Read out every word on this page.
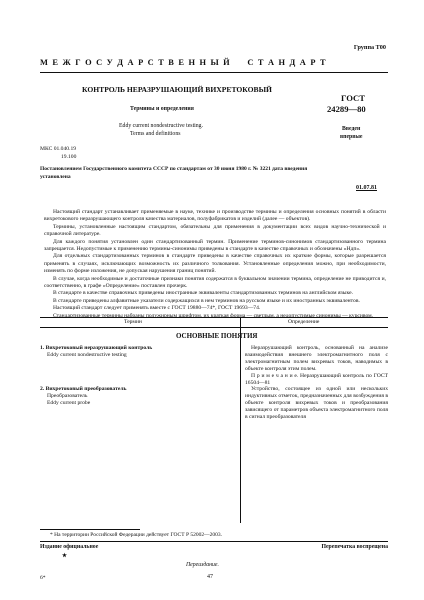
Группа Т00
М Е Ж Г О С У Д А Р С Т В Е Н Н Ы Й     С Т А Н Д А Р Т
КОНТРОЛЬ НЕРАЗРУШАЮЩИЙ ВИХРЕТОКОВЫЙ
Термины и определения
Eddy current nondestructive testing.
Terms and definitions
ГОСТ
24289—80
Введен
впервые
МКС 01.040.19
19.100
Постановлением Государственного комитета СССР по стандартам от 30 июня 1980 г. № 3221 дата введения
установлена
01.07.81

Настоящий стандарт устанавливает применяемые в науке, технике и производстве термины и определения основных понятий в области вихретокового неразрушающего контроля качества материалов, полуфабрикатов и изделий (далее — объектов).

Термины, установленные настоящим стандартом, обязательны для применения в документации всех видов научно-технической и справочной литературе.

Для каждого понятия установлен один стандартизованный термин. Применение терминов-синонимов стандартизованного термина запрещается. Недопустимые к применению термины-синонимы приведены в стандарте в качестве справочных и обозначены «Ндп».

Для отдельных стандартизованных терминов в стандарте приведены в качестве справочных их краткие формы, которые разрешается применять в случаях, исключающих возможность их различного толкования. Установленные определения можно, при необходимости, изменять по форме изложения, не допуская нарушения границ понятий.

В случае, когда необходимые и достаточные признаки понятия содержатся в буквальном значении термина, определение не приводится и, соответственно, в графе «Определение» поставлен прочерк.

В стандарте в качестве справочных приведены иностранные эквиваленты стандартизованных терминов на английском языке.

В стандарте приведены алфавитные указатели содержащихся в нем терминов на русском языке и их иностранных эквивалентов.

Настоящий стандарт следует применять вместе с ГОСТ 19880—74*, ГОСТ 19693—74.

Стандартизованные термины набраны полужирным шрифтом, их краткая форма — светлым, а недопустимые синонимы — курсивом.

Термин	Определение
ОСНОВНЫЕ ПОНЯТИЯ
1. Вихретоковый неразрушающий контроль
Eddy current nondestructive testing

Неразрушающий контроль, основанный на анализе взаимодействия внешнего электромагнитного поля с электромагнитным полем вихревых токов, наводимых в объекте контроля этим полем.

П р и м е ч а н и е. Неразрушающий контроль по ГОСТ 16504—81

2. Вихретоковый преобразователь
Преобразователь
Eddy current probe

Устройство, состоящее из одной или нескольких индуктивных отметок, предназначенных для возбуждения в объекте контроля вихревых токов и преобразования зависящего от параметров объекта электромагнитного поля в сигнал преобразователя

* На территории Российской Федерации действует ГОСТ Р 52002—2003.
Издание официальное
★
Перепечатка воспрещена
Переиздание.
6*	47
